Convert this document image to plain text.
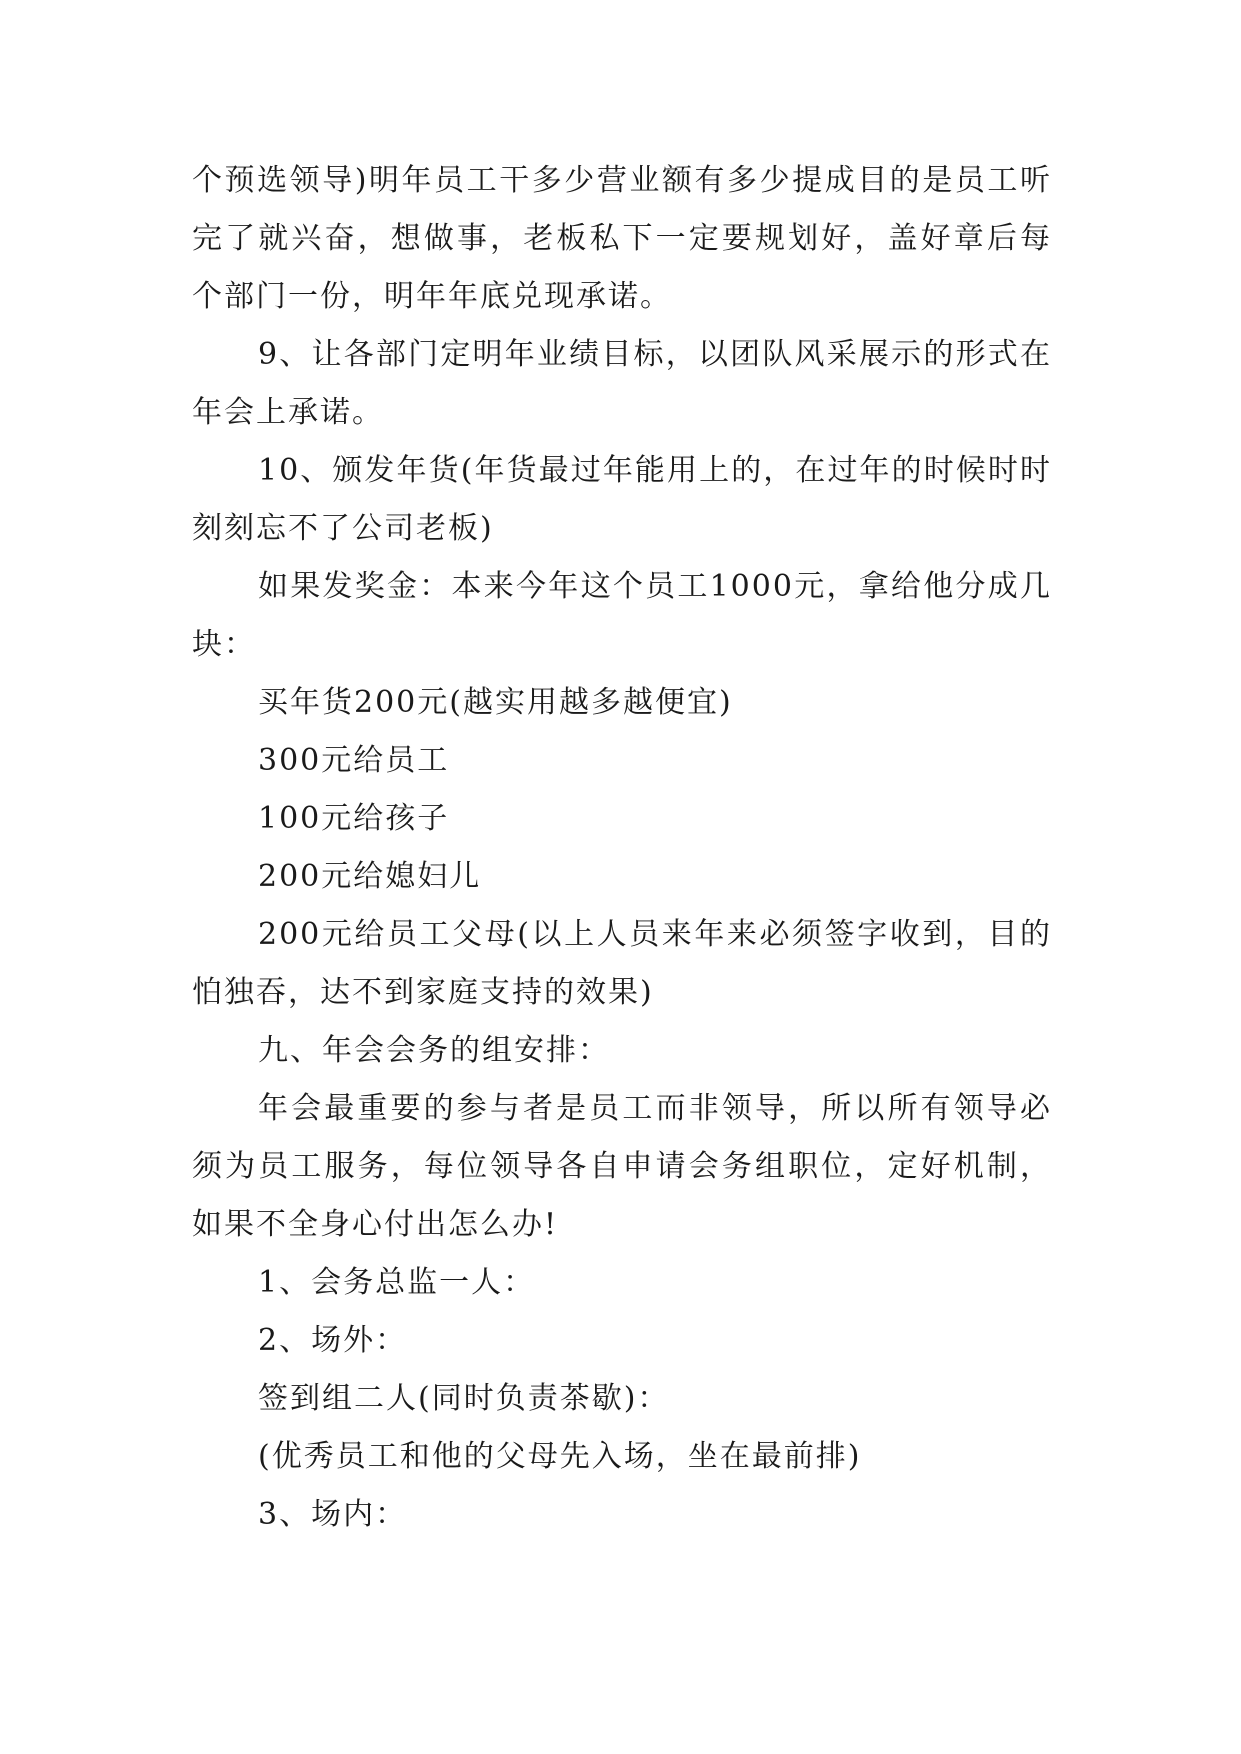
个预选领导)明年员工干多少营业额有多少提成目的是员工听完了就兴奋，想做事，老板私下一定要规划好，盖好章后每个部门一份，明年年底兑现承诺。

9、让各部门定明年业绩目标，以团队风采展示的形式在年会上承诺。

10、颁发年货(年货最过年能用上的，在过年的时候时时刻刻忘不了公司老板)

如果发奖金：本来今年这个员工1000元，拿给他分成几块：

买年货200元(越实用越多越便宜)

300元给员工

100元给孩子

200元给媳妇儿

200元给员工父母(以上人员来年来必须签字收到，目的怕独吞，达不到家庭支持的效果)

九、年会会务的组安排：

年会最重要的参与者是员工而非领导，所以所有领导必须为员工服务，每位领导各自申请会务组职位，定好机制，如果不全身心付出怎么办!

1、会务总监一人：

2、场外：

签到组二人(同时负责茶歇)：

(优秀员工和他的父母先入场，坐在最前排)

3、场内：
